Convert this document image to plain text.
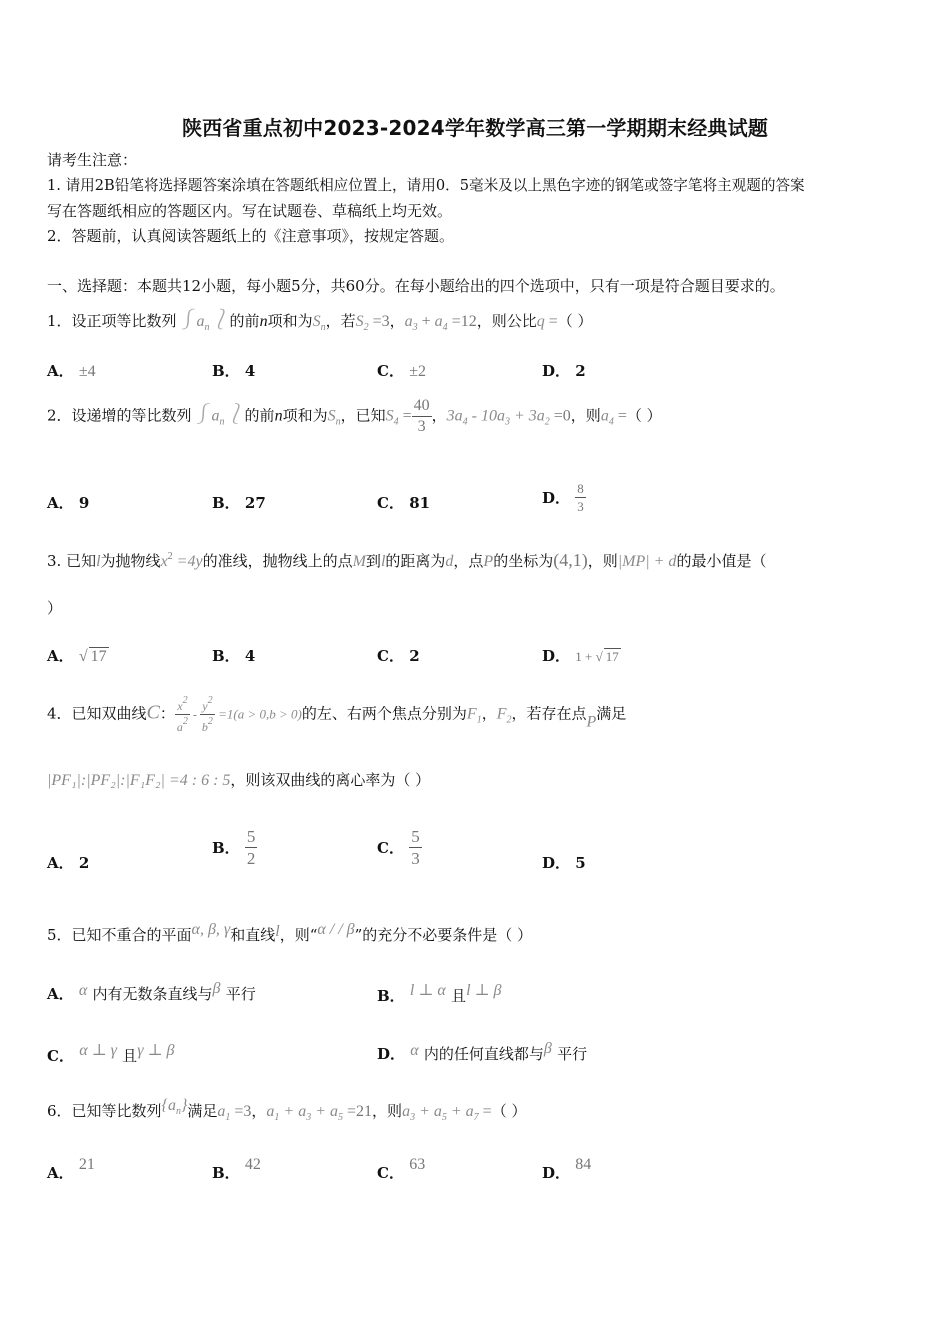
陕西省重点初中2023-2024学年数学高三第一学期期末经典试题
请考生注意：
1. 请用2B铅笔将选择题答案涂填在答题纸相应位置上，请用0．5毫米及以上黑色字迹的钢笔或签字笔将主观题的答案
写在答题纸相应的答题区内。写在试题卷、草稿纸上均无效。
2．答题前，认真阅读答题纸上的《注意事项》，按规定答题。
一、选择题：本题共12小题，每小题5分，共60分。在每小题给出的四个选项中，只有一项是符合题目要求的。
1．设正项等比数列$⎰a_n⎱$的前n项和为$S_n$，若$S_2 =3$，$a_3 + a_4 =12$，则公比q =（ ）
A． ±4	B． 4	C． ±2	D． 2
2．设递增的等比数列$⎰a_n⎱$的前n项和为$S_n$，已知$S_4 = \frac{40}{3}$ ，$3a_4 - 10a_3 + 3a_2 =0$，则$a_4$ =（ ）
A． 9	B． 27	C． 81	D． $\frac{8}{3}$
3. 已知l为抛物线$x^2 =4y$的准线，抛物线上的点M到l的距离为d，点P的坐标为(4,1)，则|MP| + d的最小值是（
）
A． √ 17	B． 4	C． 2	D． 1 + √ 17
4．已知双曲线C： $\frac{x^2}{a^2} - \frac{y^2}{b^2} =1(a > 0,b > 0)$的左、右两个焦点分别为$F_1$，$F_2$，若存在点P满足
|PF₁|:|PF₂|:|F₁F₂| =4 : 6 : 5，则该双曲线的离心率为（ ）
A． 2
B． $\frac{5}{2}$	C． $\frac{5}{3}$	D． 5
5．已知不重合的平面α, β, γ和直线l，则“α / / β”的充分不必要条件是（ ）
A． α 内有无数条直线与β 平行	B． l ⊥ α 且l ⊥ β
C． α ⊥ γ 且γ ⊥ β	D． α 内的任何直线都与β 平行
6．已知等比数列$\{a_n\}$满足$a_1 =3$，$a_1 + a_3 + a_5 =21$，则$a_3 + a_5 + a_7$ =（ ）
A． 21	B． 42	C． 63	D． 84
